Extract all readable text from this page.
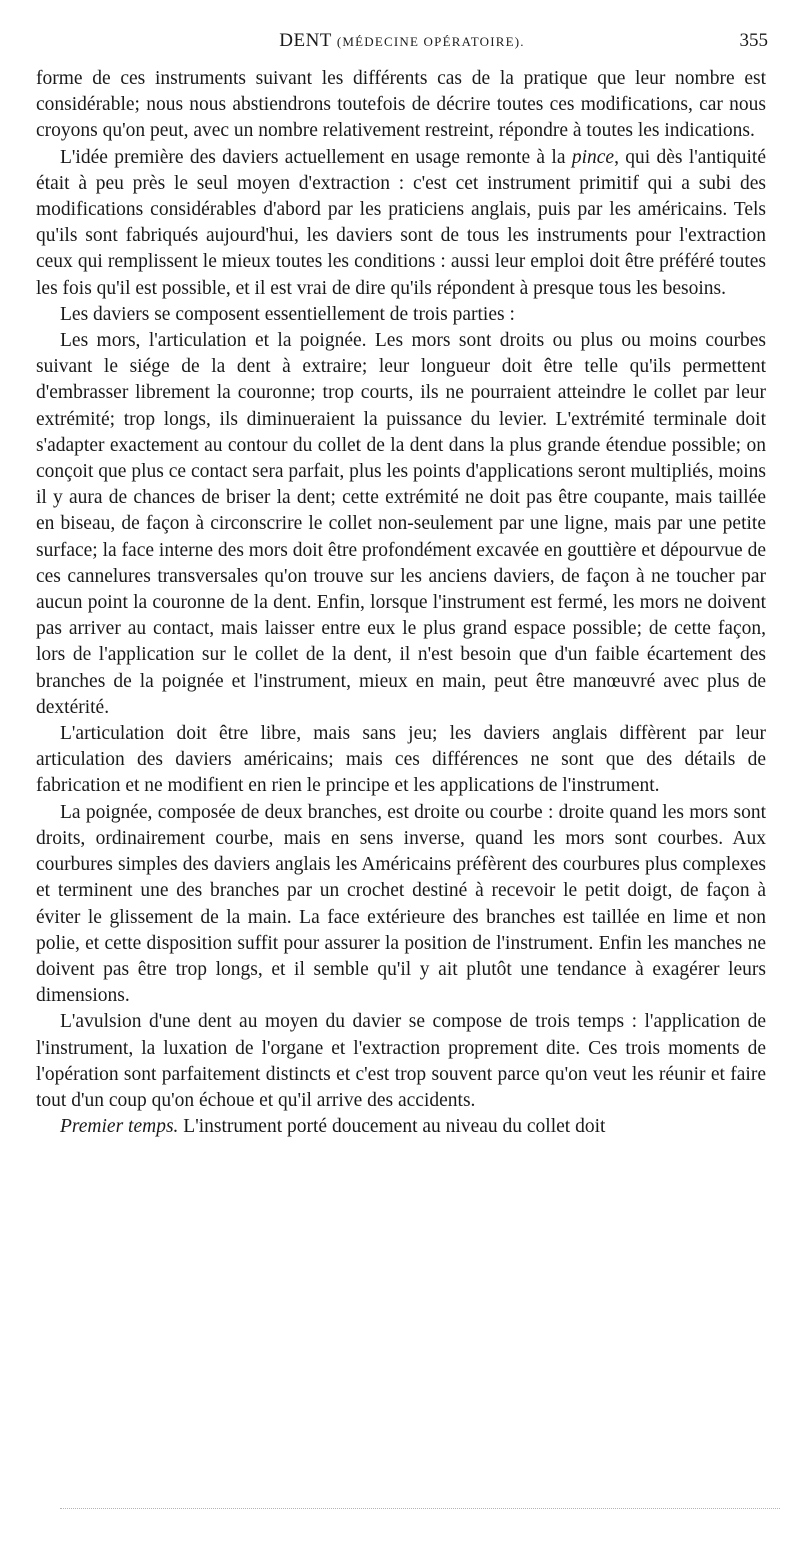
DENT (MÉDECINE OPÉRATOIRE).	355

forme de ces instruments suivant les différents cas de la pratique que leur nombre est considérable; nous nous abstiendrons toutefois de décrire toutes ces modifications, car nous croyons qu'on peut, avec un nombre relativement restreint, répondre à toutes les indications.

L'idée première des daviers actuellement en usage remonte à la pince, qui dès l'antiquité était à peu près le seul moyen d'extraction : c'est cet instrument primitif qui a subi des modifications considérables d'abord par les praticiens anglais, puis par les américains. Tels qu'ils sont fabriqués aujourd'hui, les daviers sont de tous les instruments pour l'extraction ceux qui remplissent le mieux toutes les conditions : aussi leur emploi doit être préféré toutes les fois qu'il est possible, et il est vrai de dire qu'ils répondent à presque tous les besoins.

Les daviers se composent essentiellement de trois parties :

Les mors, l'articulation et la poignée. Les mors sont droits ou plus ou moins courbes suivant le siége de la dent à extraire; leur longueur doit être telle qu'ils permettent d'embrasser librement la couronne; trop courts, ils ne pourraient atteindre le collet par leur extrémité; trop longs, ils diminueraient la puissance du levier. L'extrémité terminale doit s'adapter exactement au contour du collet de la dent dans la plus grande étendue possible; on conçoit que plus ce contact sera parfait, plus les points d'applications seront multipliés, moins il y aura de chances de briser la dent; cette extrémité ne doit pas être coupante, mais taillée en biseau, de façon à circonscrire le collet non-seulement par une ligne, mais par une petite surface; la face interne des mors doit être profondément excavée en gouttière et dépourvue de ces cannelures transversales qu'on trouve sur les anciens daviers, de façon à ne toucher par aucun point la couronne de la dent. Enfin, lorsque l'instrument est fermé, les mors ne doivent pas arriver au contact, mais laisser entre eux le plus grand espace possible; de cette façon, lors de l'application sur le collet de la dent, il n'est besoin que d'un faible écartement des branches de la poignée et l'instrument, mieux en main, peut être manœuvré avec plus de dextérité.

L'articulation doit être libre, mais sans jeu; les daviers anglais diffèrent par leur articulation des daviers américains; mais ces différences ne sont que des détails de fabrication et ne modifient en rien le principe et les applications de l'instrument.

La poignée, composée de deux branches, est droite ou courbe : droite quand les mors sont droits, ordinairement courbe, mais en sens inverse, quand les mors sont courbes. Aux courbures simples des daviers anglais les Américains préfèrent des courbures plus complexes et terminent une des branches par un crochet destiné à recevoir le petit doigt, de façon à éviter le glissement de la main. La face extérieure des branches est taillée en lime et non polie, et cette disposition suffit pour assurer la position de l'instrument. Enfin les manches ne doivent pas être trop longs, et il semble qu'il y ait plutôt une tendance à exagérer leurs dimensions.

L'avulsion d'une dent au moyen du davier se compose de trois temps : l'application de l'instrument, la luxation de l'organe et l'extraction proprement dite. Ces trois moments de l'opération sont parfaitement distincts et c'est trop souvent parce qu'on veut les réunir et faire tout d'un coup qu'on échoue et qu'il arrive des accidents.

Premier temps. L'instrument porté doucement au niveau du collet doit
